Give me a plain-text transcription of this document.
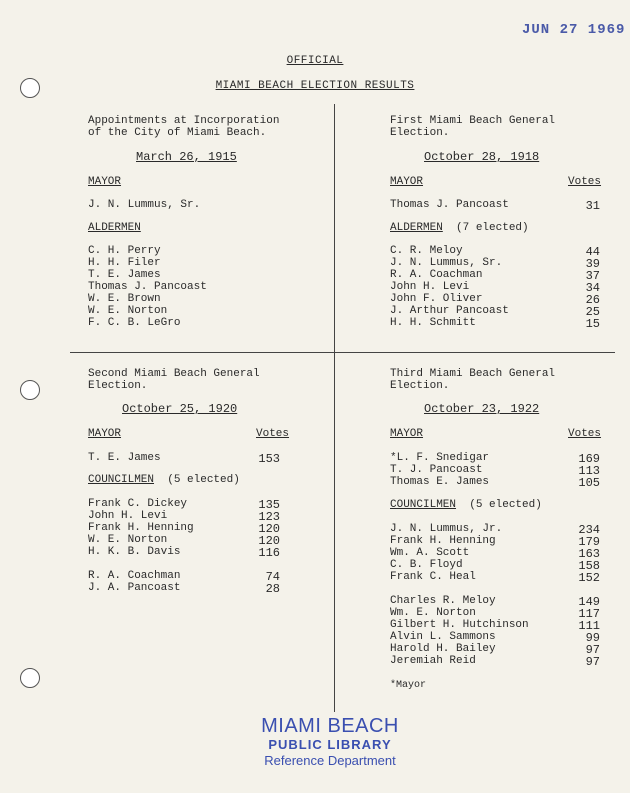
JUN 27 1969
OFFICIAL
MIAMI BEACH ELECTION RESULTS
Appointments at Incorporation
of the City of Miami Beach.
March 26, 1915
MAYOR
J. N. Lummus, Sr.
ALDERMEN
C. H. Perry
H. H. Filer
T. E. James
Thomas J. Pancoast
W. E. Brown
W. E. Norton
F. C. B. LeGro
First Miami Beach General
Election.
October 28, 1918
MAYOR	Votes
Thomas J. Pancoast	31
ALDERMEN (7 elected)
C. R. Meloy	44
J. N. Lummus, Sr.	39
R. A. Coachman	37
John H. Levi	34
John F. Oliver	26
J. Arthur Pancoast	25
H. H. Schmitt	15
Second Miami Beach General
Election.
October 25, 1920
MAYOR	Votes
T. E. James	153
COUNCILMEN (5 elected)
Frank C. Dickey	135
John H. Levi	123
Frank H. Henning	120
W. E. Norton	120
H. K. B. Davis	116
R. A. Coachman	74
J. A. Pancoast	28
Third Miami Beach General
Election.
October 23, 1922
MAYOR	Votes
*L. F. Snedigar	169
T. J. Pancoast	113
Thomas E. James	105
COUNCILMEN (5 elected)
J. N. Lummus, Jr.	234
Frank H. Henning	179
Wm. A. Scott	163
C. B. Floyd	158
Frank C. Heal	152
Charles R. Meloy	149
Wm. E. Norton	117
Gilbert H. Hutchinson	111
Alvin L. Sammons	99
Harold H. Bailey	97
Jeremiah Reid	97
*Mayor
MIAMI BEACH
PUBLIC LIBRARY
Reference Department
